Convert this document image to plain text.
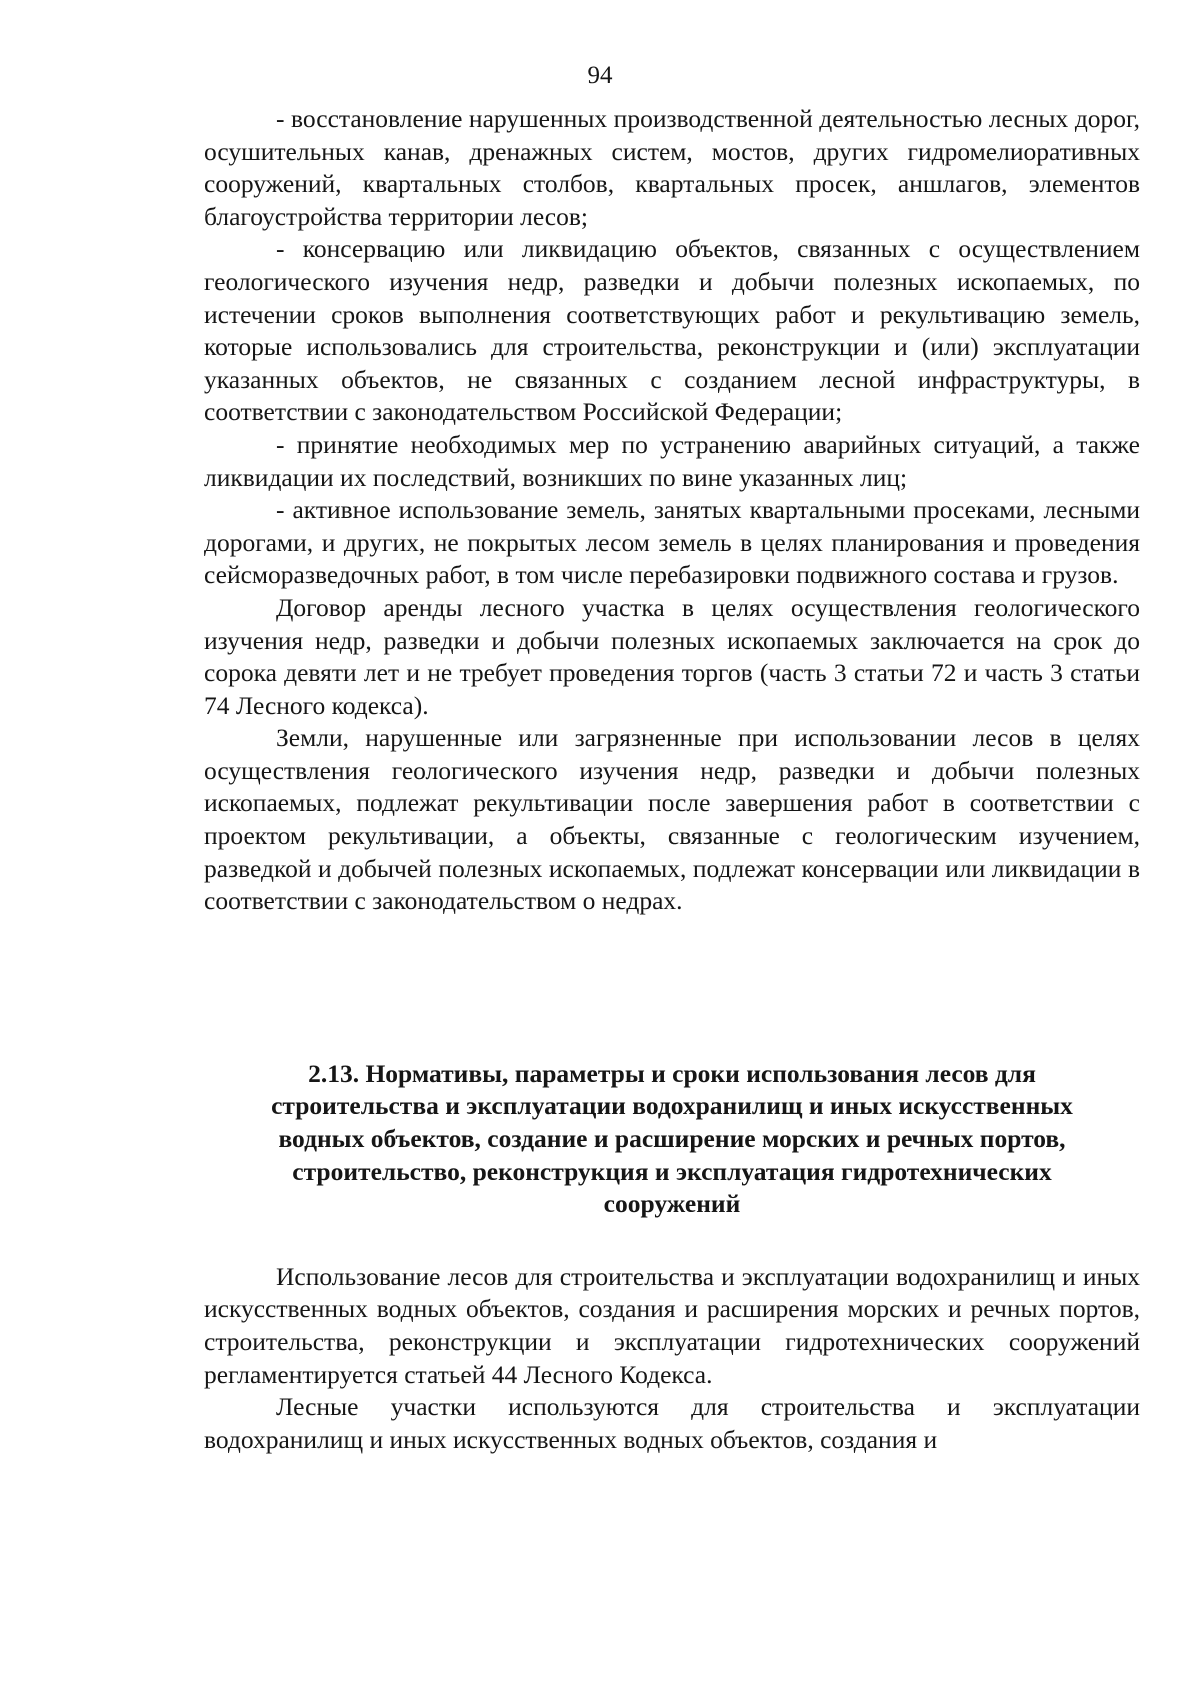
94

- восстановление нарушенных производственной деятельностью лесных дорог, осушительных канав, дренажных систем, мостов, других гидромелиоративных сооружений, квартальных столбов, квартальных просек, аншлагов, элементов благоустройства территории лесов;

- консервацию или ликвидацию объектов, связанных с осуществлением геологического изучения недр, разведки и добычи полезных ископаемых, по истечении сроков выполнения соответствующих работ и рекультивацию земель, которые использовались для строительства, реконструкции и (или) эксплуатации указанных объектов, не связанных с созданием лесной инфраструктуры, в соответствии с законодательством Российской Федерации;

- принятие необходимых мер по устранению аварийных ситуаций, а также ликвидации их последствий, возникших по вине указанных лиц;

- активное использование земель, занятых квартальными просеками, лесными дорогами, и других, не покрытых лесом земель в целях планирования и проведения сейсморазведочных работ, в том числе перебазировки подвижного состава и грузов.

Договор аренды лесного участка в целях осуществления геологического изучения недр, разведки и добычи полезных ископаемых заключается на срок до сорока девяти лет и не требует проведения торгов (часть 3 статьи 72 и часть 3 статьи 74 Лесного кодекса).

Земли, нарушенные или загрязненные при использовании лесов в целях осуществления геологического изучения недр, разведки и добычи полезных ископаемых, подлежат рекультивации после завершения работ в соответствии с проектом рекультивации, а объекты, связанные с геологическим изучением, разведкой и добычей полезных ископаемых, подлежат консервации или ликвидации в соответствии с законодательством о недрах.

2.13. Нормативы, параметры и сроки использования лесов для строительства и эксплуатации водохранилищ и иных искусственных водных объектов, создание и расширение морских и речных портов, строительство, реконструкция и эксплуатация гидротехнических сооружений

Использование лесов для строительства и эксплуатации водохранилищ и иных искусственных водных объектов, создания и расширения морских и речных портов, строительства, реконструкции и эксплуатации гидротехнических сооружений регламентируется статьей 44 Лесного Кодекса.

Лесные участки используются для строительства и эксплуатации водохранилищ и иных искусственных водных объектов, создания и
